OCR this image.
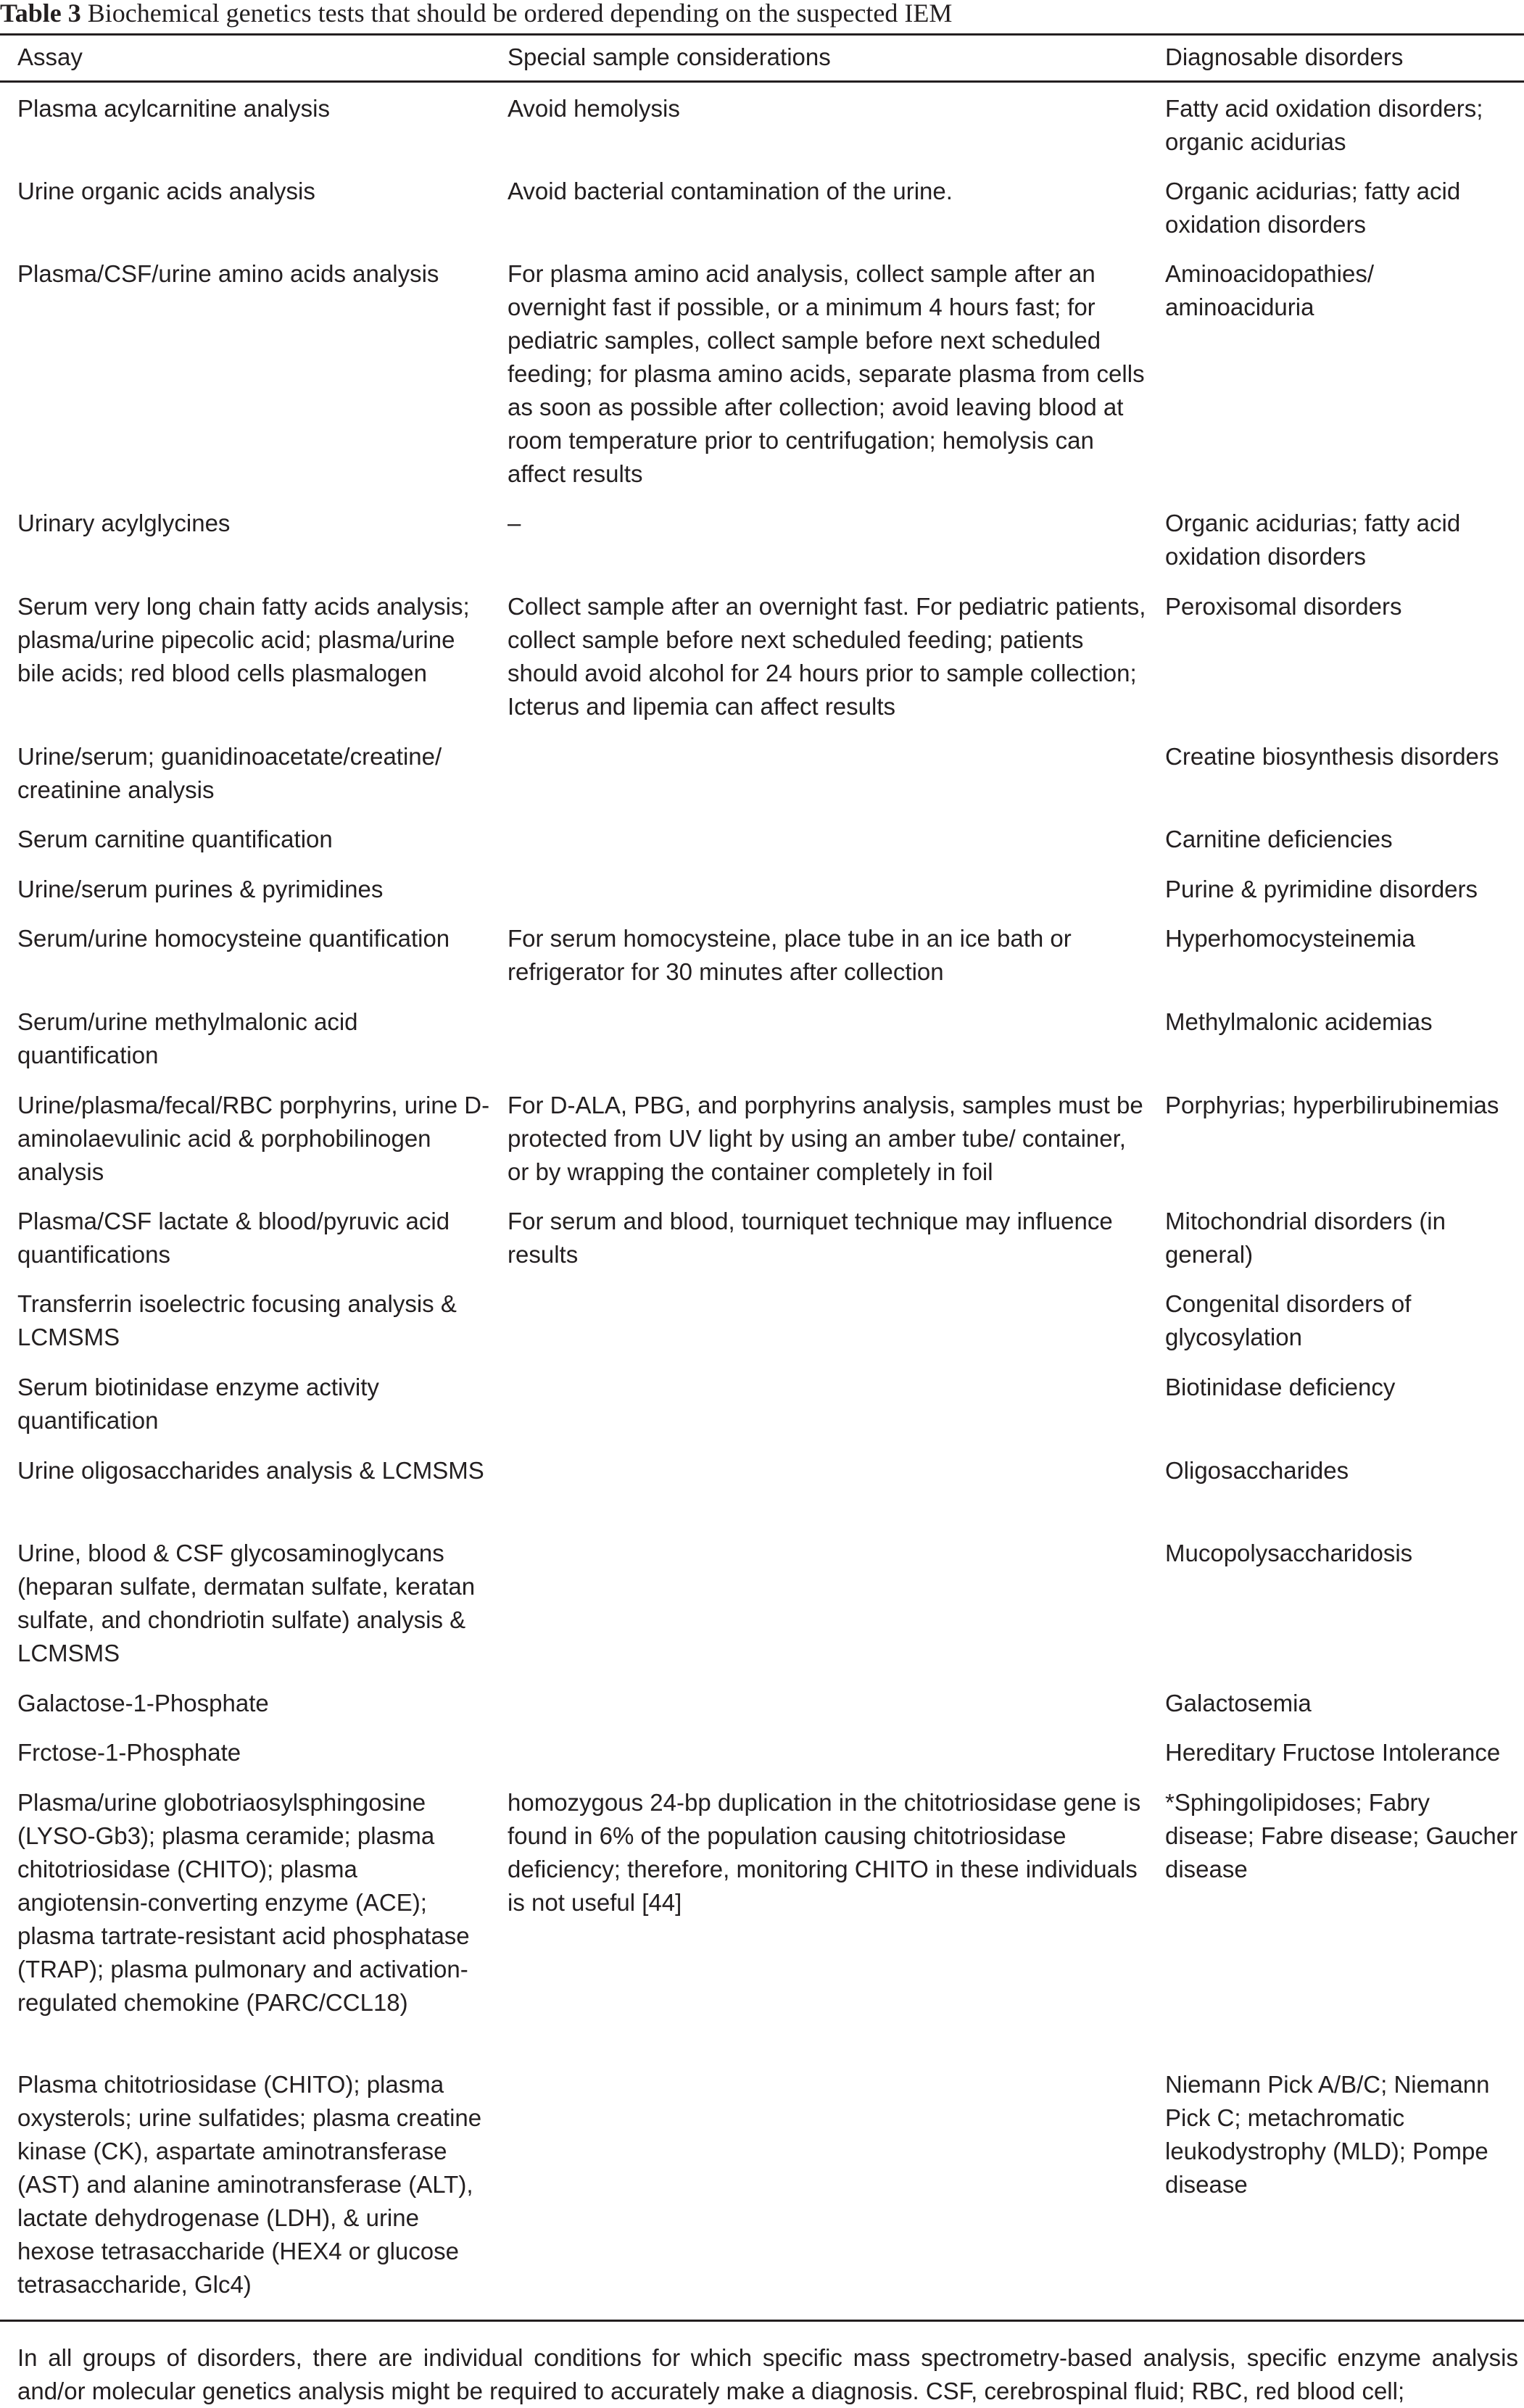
Table 3 Biochemical genetics tests that should be ordered depending on the suspected IEM
Assay	Special sample considerations	Diagnosable disorders
Plasma acylcarnitine analysis	Avoid hemolysis	Fatty acid oxidation disorders; organic acidurias
Urine organic acids analysis	Avoid bacterial contamination of the urine.	Organic acidurias; fatty acid oxidation disorders
Plasma/CSF/urine amino acids analysis	For plasma amino acid analysis, collect sample after an overnight fast if possible, or a minimum 4 hours fast; for pediatric samples, collect sample before next scheduled feeding; for plasma amino acids, separate plasma from cells as soon as possible after collection; avoid leaving blood at room temperature prior to centrifugation; hemolysis can affect results	Aminoacidopathies/ aminoaciduria
Urinary acylglycines	–	Organic acidurias; fatty acid oxidation disorders
Serum very long chain fatty acids analysis; plasma/urine pipecolic acid; plasma/urine bile acids; red blood cells plasmalogen	Collect sample after an overnight fast. For pediatric patients, collect sample before next scheduled feeding; patients should avoid alcohol for 24 hours prior to sample collection; Icterus and lipemia can affect results	Peroxisomal disorders
Urine/serum; guanidinoacetate/creatine/ creatinine analysis		Creatine biosynthesis disorders
Serum carnitine quantification		Carnitine deficiencies
Urine/serum purines & pyrimidines		Purine & pyrimidine disorders
Serum/urine homocysteine quantification	For serum homocysteine, place tube in an ice bath or refrigerator for 30 minutes after collection	Hyperhomocysteinemia
Serum/urine methylmalonic acid quantification		Methylmalonic acidemias
Urine/plasma/fecal/RBC porphyrins, urine D-aminolaevulinic acid & porphobilinogen analysis	For D-ALA, PBG, and porphyrins analysis, samples must be protected from UV light by using an amber tube/ container, or by wrapping the container completely in foil	Porphyrias; hyperbilirubinemias
Plasma/CSF lactate & blood/pyruvic acid quantifications	For serum and blood, tourniquet technique may influence results	Mitochondrial disorders (in general)
Transferrin isoelectric focusing analysis & LCMSMS		Congenital disorders of glycosylation
Serum biotinidase enzyme activity quantification		Biotinidase deficiency
Urine oligosaccharides analysis & LCMSMS		Oligosaccharides
Urine, blood & CSF glycosaminoglycans (heparan sulfate, dermatan sulfate, keratan sulfate, and chondriotin sulfate) analysis & LCMSMS		Mucopolysaccharidosis
Galactose-1-Phosphate		Galactosemia
Frctose-1-Phosphate		Hereditary Fructose Intolerance
Plasma/urine globotriaosylsphingosine (LYSO-Gb3); plasma ceramide; plasma chitotriosidase (CHITO); plasma angiotensin-converting enzyme (ACE); plasma tartrate-resistant acid phosphatase (TRAP); plasma pulmonary and activation-regulated chemokine (PARC/CCL18)	homozygous 24-bp duplication in the chitotriosidase gene is found in 6% of the population causing chitotriosidase deficiency; therefore, monitoring CHITO in these individuals is not useful [44]	*Sphingolipidoses; Fabry disease; Fabre disease; Gaucher disease
Plasma chitotriosidase (CHITO); plasma oxysterols; urine sulfatides; plasma creatine kinase (CK), aspartate aminotransferase (AST) and alanine aminotransferase (ALT), lactate dehydrogenase (LDH), & urine hexose tetrasaccharide (HEX4 or glucose tetrasaccharide, Glc4)		Niemann Pick A/B/C; Niemann Pick C; metachromatic leukodystrophy (MLD); Pompe disease
In all groups of disorders, there are individual conditions for which specific mass spectrometry-based analysis, specific enzyme analysis and/or molecular genetics analysis might be required to accurately make a diagnosis. CSF, cerebrospinal fluid; RBC, red blood cell;
